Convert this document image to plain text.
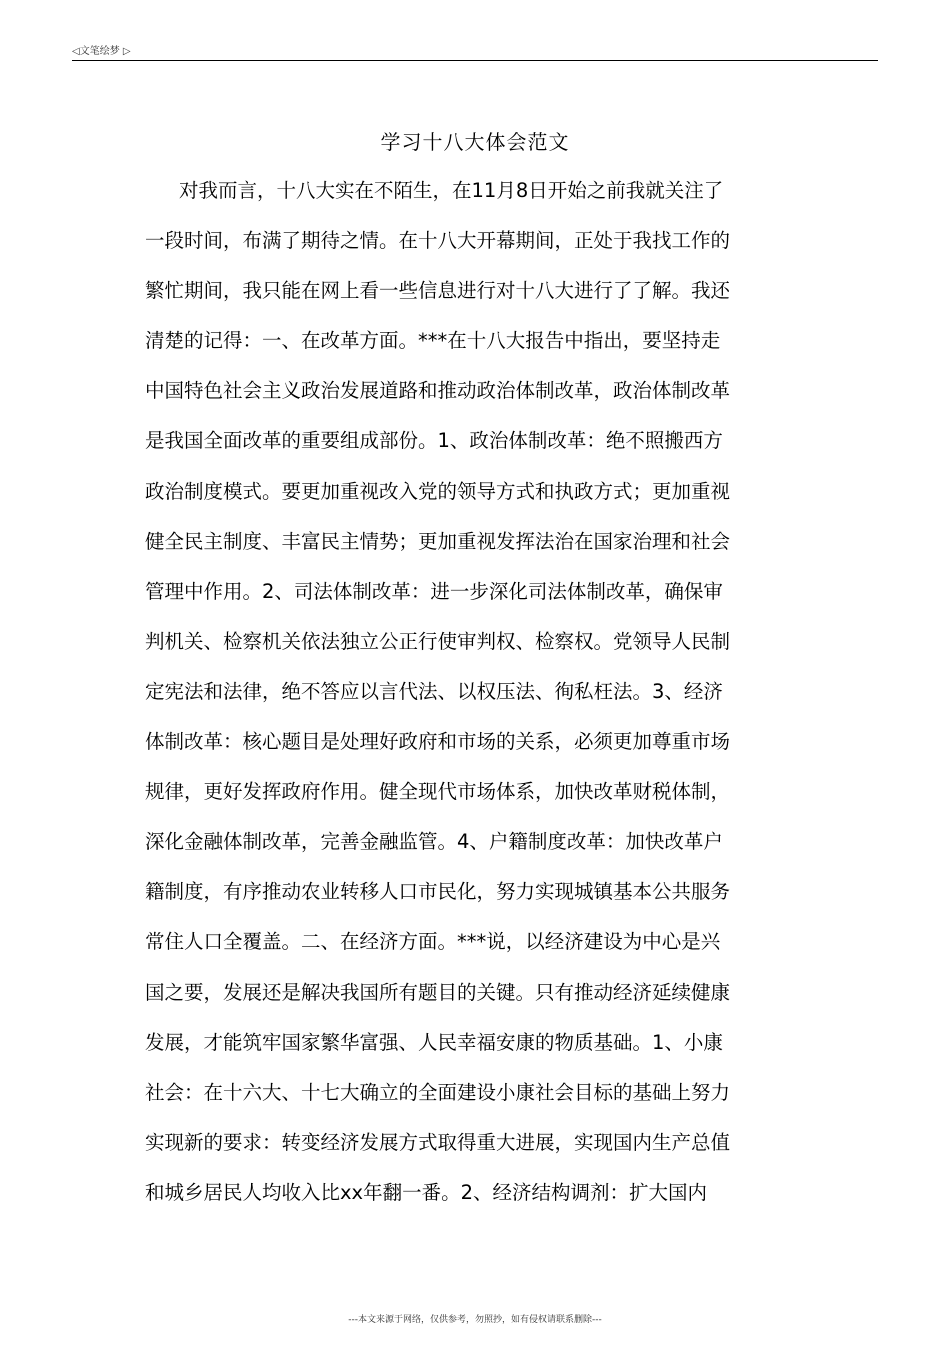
◁文笔绘梦 ▷
学习十八大体会范文
对我而言，十八大实在不陌生，在11月8日开始之前我就关注了
一段时间，布满了期待之情。在十八大开幕期间，正处于我找工作的
繁忙期间，我只能在网上看一些信息进行对十八大进行了了解。我还
清楚的记得：一、在改革方面。***在十八大报告中指出，要坚持走
中国特色社会主义政治发展道路和推动政治体制改革，政治体制改革
是我国全面改革的重要组成部份。1、政治体制改革：绝不照搬西方
政治制度模式。要更加重视改入党的领导方式和执政方式；更加重视
健全民主制度、丰富民主情势；更加重视发挥法治在国家治理和社会
管理中作用。2、司法体制改革：进一步深化司法体制改革，确保审
判机关、检察机关依法独立公正行使审判权、检察权。党领导人民制
定宪法和法律，绝不答应以言代法、以权压法、徇私枉法。3、经济
体制改革：核心题目是处理好政府和市场的关系，必须更加尊重市场
规律，更好发挥政府作用。健全现代市场体系，加快改革财税体制，
深化金融体制改革，完善金融监管。4、户籍制度改革：加快改革户
籍制度，有序推动农业转移人口市民化，努力实现城镇基本公共服务
常住人口全覆盖。二、在经济方面。***说，以经济建设为中心是兴
国之要，发展还是解决我国所有题目的关键。只有推动经济延续健康
发展，才能筑牢国家繁华富强、人民幸福安康的物质基础。1、小康
社会：在十六大、十七大确立的全面建设小康社会目标的基础上努力
实现新的要求：转变经济发展方式取得重大进展，实现国内生产总值
和城乡居民人均收入比xx年翻一番。2、经济结构调剂：扩大国内
---本文来源于网络，仅供参考，勿照抄，如有侵权请联系删除---
